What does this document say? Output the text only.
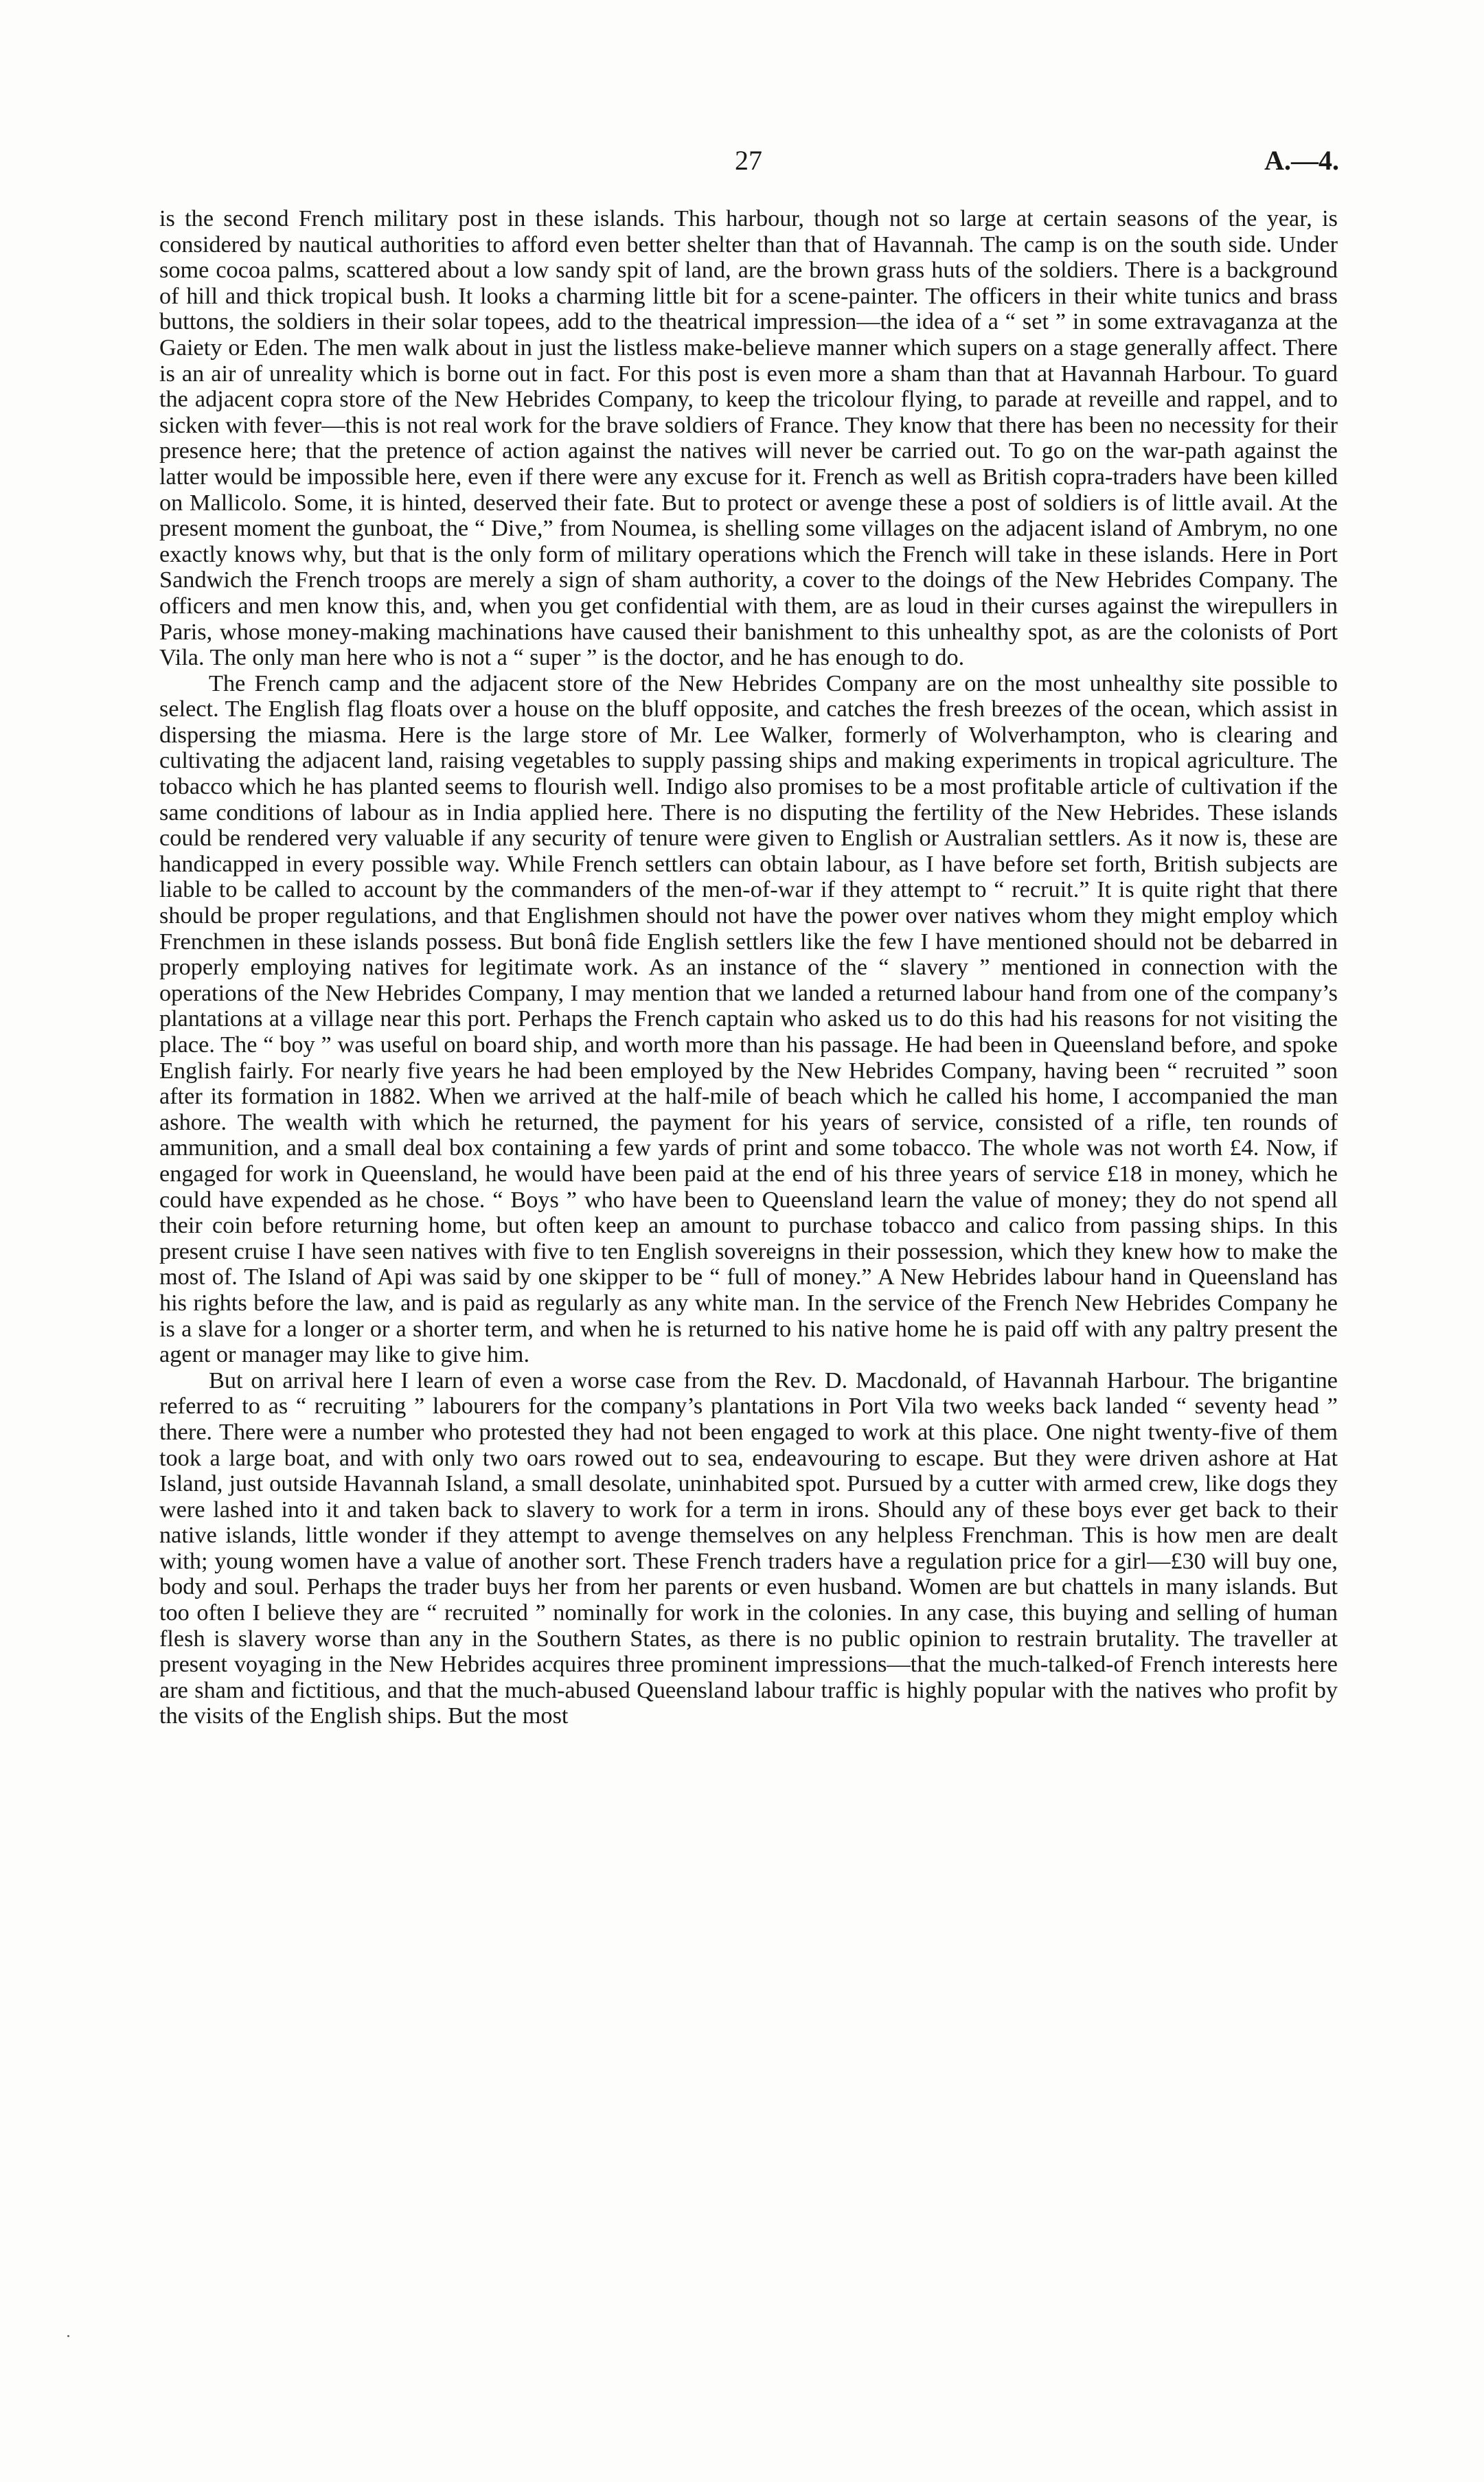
27	A.—4.

is the second French military post in these islands. This harbour, though not so large at certain seasons of the year, is considered by nautical authorities to afford even better shelter than that of Havannah. The camp is on the south side. Under some cocoa palms, scattered about a low sandy spit of land, are the brown grass huts of the soldiers. There is a background of hill and thick tropical bush. It looks a charming little bit for a scene-painter. The officers in their white tunics and brass buttons, the soldiers in their solar topees, add to the theatrical impression—the idea of a “ set ” in some extravaganza at the Gaiety or Eden. The men walk about in just the listless make-believe manner which supers on a stage generally affect. There is an air of unreality which is borne out in fact. For this post is even more a sham than that at Havannah Harbour. To guard the adjacent copra store of the New Hebrides Company, to keep the tricolour flying, to parade at reveille and rappel, and to sicken with fever—this is not real work for the brave soldiers of France. They know that there has been no necessity for their presence here; that the pretence of action against the natives will never be carried out. To go on the war-path against the latter would be impossible here, even if there were any excuse for it. French as well as British copra-traders have been killed on Mallicolo. Some, it is hinted, deserved their fate. But to protect or avenge these a post of soldiers is of little avail. At the present moment the gunboat, the “ Dive,” from Noumea, is shelling some villages on the adjacent island of Ambrym, no one exactly knows why, but that is the only form of military operations which the French will take in these islands. Here in Port Sandwich the French troops are merely a sign of sham authority, a cover to the doings of the New Hebrides Company. The officers and men know this, and, when you get confidential with them, are as loud in their curses against the wirepullers in Paris, whose money-making machinations have caused their banishment to this unhealthy spot, as are the colonists of Port Vila. The only man here who is not a “ super ” is the doctor, and he has enough to do.

The French camp and the adjacent store of the New Hebrides Company are on the most unhealthy site possible to select. The English flag floats over a house on the bluff opposite, and catches the fresh breezes of the ocean, which assist in dispersing the miasma. Here is the large store of Mr. Lee Walker, formerly of Wolverhampton, who is clearing and cultivating the adjacent land, raising vegetables to supply passing ships and making experiments in tropical agriculture. The tobacco which he has planted seems to flourish well. Indigo also promises to be a most profitable article of cultivation if the same conditions of labour as in India applied here. There is no disputing the fertility of the New Hebrides. These islands could be rendered very valuable if any security of tenure were given to English or Australian settlers. As it now is, these are handicapped in every possible way. While French settlers can obtain labour, as I have before set forth, British subjects are liable to be called to account by the commanders of the men-of-war if they attempt to “ recruit.” It is quite right that there should be proper regulations, and that Englishmen should not have the power over natives whom they might employ which Frenchmen in these islands possess. But bonâ fide English settlers like the few I have mentioned should not be debarred in properly employing natives for legitimate work. As an instance of the “ slavery ” mentioned in connection with the operations of the New Hebrides Company, I may mention that we landed a returned labour hand from one of the company’s plantations at a village near this port. Perhaps the French captain who asked us to do this had his reasons for not visiting the place. The “ boy ” was useful on board ship, and worth more than his passage. He had been in Queensland before, and spoke English fairly. For nearly five years he had been employed by the New Hebrides Company, having been “ recruited ” soon after its formation in 1882. When we arrived at the half-mile of beach which he called his home, I accompanied the man ashore. The wealth with which he returned, the payment for his years of service, consisted of a rifle, ten rounds of ammunition, and a small deal box containing a few yards of print and some tobacco. The whole was not worth £4. Now, if engaged for work in Queensland, he would have been paid at the end of his three years of service £18 in money, which he could have expended as he chose. “ Boys ” who have been to Queensland learn the value of money; they do not spend all their coin before returning home, but often keep an amount to purchase tobacco and calico from passing ships. In this present cruise I have seen natives with five to ten English sovereigns in their possession, which they knew how to make the most of. The Island of Api was said by one skipper to be “ full of money.” A New Hebrides labour hand in Queensland has his rights before the law, and is paid as regularly as any white man. In the service of the French New Hebrides Company he is a slave for a longer or a shorter term, and when he is returned to his native home he is paid off with any paltry present the agent or manager may like to give him.

But on arrival here I learn of even a worse case from the Rev. D. Macdonald, of Havannah Harbour. The brigantine referred to as “ recruiting ” labourers for the company’s plantations in Port Vila two weeks back landed “ seventy head ” there. There were a number who protested they had not been engaged to work at this place. One night twenty-five of them took a large boat, and with only two oars rowed out to sea, endeavouring to escape. But they were driven ashore at Hat Island, just outside Havannah Island, a small desolate, uninhabited spot. Pursued by a cutter with armed crew, like dogs they were lashed into it and taken back to slavery to work for a term in irons. Should any of these boys ever get back to their native islands, little wonder if they attempt to avenge themselves on any helpless Frenchman. This is how men are dealt with; young women have a value of another sort. These French traders have a regulation price for a girl—£30 will buy one, body and soul. Perhaps the trader buys her from her parents or even husband. Women are but chattels in many islands. But too often I believe they are “ recruited ” nominally for work in the colonies. In any case, this buying and selling of human flesh is slavery worse than any in the Southern States, as there is no public opinion to restrain brutality. The traveller at present voyaging in the New Hebrides acquires three prominent impressions—that the much-talked-of French interests here are sham and fictitious, and that the much-abused Queensland labour traffic is highly popular with the natives who profit by the visits of the English ships. But the most
